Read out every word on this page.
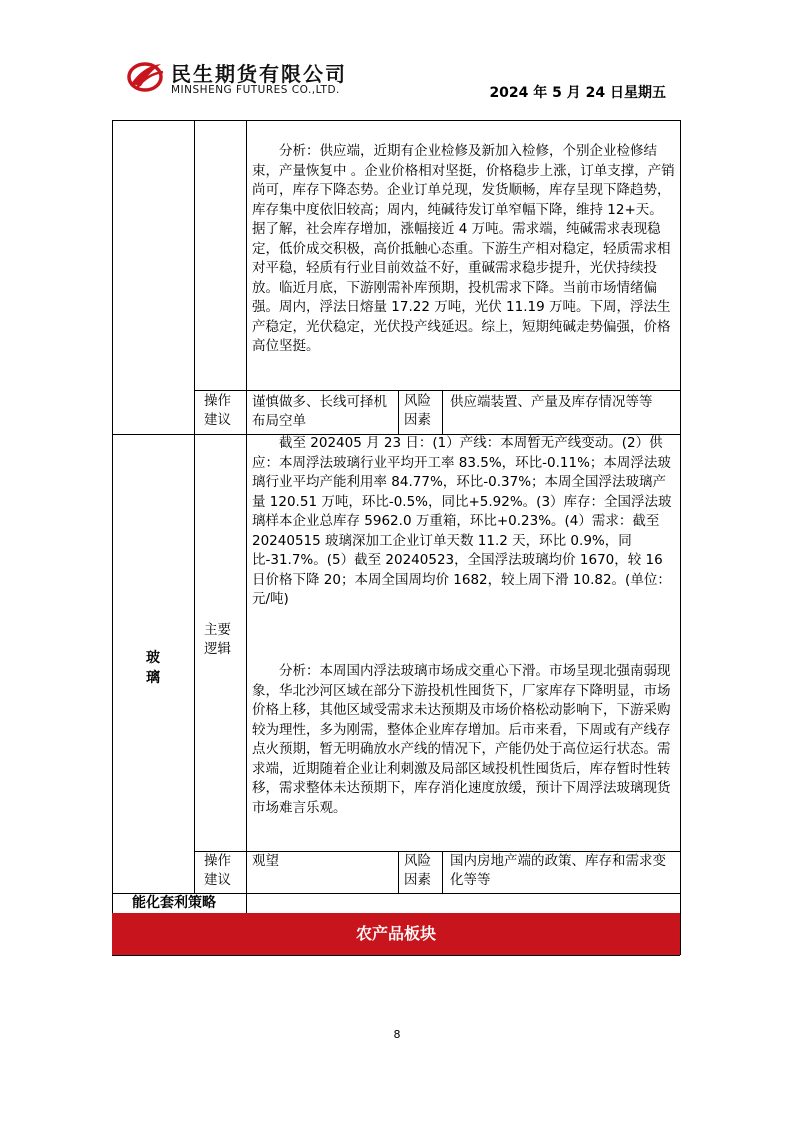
民生期货有限公司
MINSHENG FUTURES CO.,LTD.	2024 年 5 月 24 日星期五
分析：供应端，近期有企业检修及新加入检修，个别企业检修结束，产量恢复中 。企业价格相对坚挺，价格稳步上涨，订单支撑，产销尚可，库存下降态势。企业订单兑现，发货顺畅，库存呈现下降趋势，库存集中度依旧较高；周内，纯碱待发订单窄幅下降，维持 12+天。据了解，社会库存增加，涨幅接近 4 万吨。需求端，纯碱需求表现稳定，低价成交积极，高价抵触心态重。下游生产相对稳定，轻质需求相对平稳，轻质有行业目前效益不好，重碱需求稳步提升，光伏持续投放。临近月底，下游刚需补库预期，投机需求下降。当前市场情绪偏强。周内，浮法日熔量 17.22 万吨，光伏 11.19 万吨。下周，浮法生产稳定，光伏稳定，光伏投产线延迟。综上，短期纯碱走势偏强，价格高位坚挺。
操作建议
谨慎做多、长线可择机布局空单
风险因素
供应端装置、产量及库存情况等等
玻璃
主要逻辑
截至 202405 月 23 日：(1）产线：本周暂无产线变动。(2）供应：本周浮法玻璃行业平均开工率 83.5%，环比-0.11%；本周浮法玻璃行业平均产能利用率 84.77%，环比-0.37%；本周全国浮法玻璃产量 120.51 万吨，环比-0.5%，同比+5.92%。(3）库存：全国浮法玻璃样本企业总库存 5962.0 万重箱，环比+0.23%。(4）需求：截至 20240515 玻璃深加工企业订单天数 11.2 天，环比 0.9%，同比-31.7%。(5）截至 20240523，全国浮法玻璃均价 1670，较 16 日价格下降 20；本周全国周均价 1682，较上周下滑 10.82。(单位：元/吨)
分析：本周国内浮法玻璃市场成交重心下滑。市场呈现北强南弱现象，华北沙河区域在部分下游投机性囤货下，厂家库存下降明显，市场价格上移，其他区域受需求未达预期及市场价格松动影响下，下游采购较为理性，多为刚需，整体企业库存增加。后市来看，下周或有产线存点火预期，暂无明确放水产线的情况下，产能仍处于高位运行状态。需求端，近期随着企业让利刺激及局部区域投机性囤货后，库存暂时性转移，需求整体未达预期下，库存消化速度放缓，预计下周浮法玻璃现货市场难言乐观。
操作建议
观望	风险因素
国内房地产端的政策、库存和需求变化等等
能化套利策略
农产品板块
8
